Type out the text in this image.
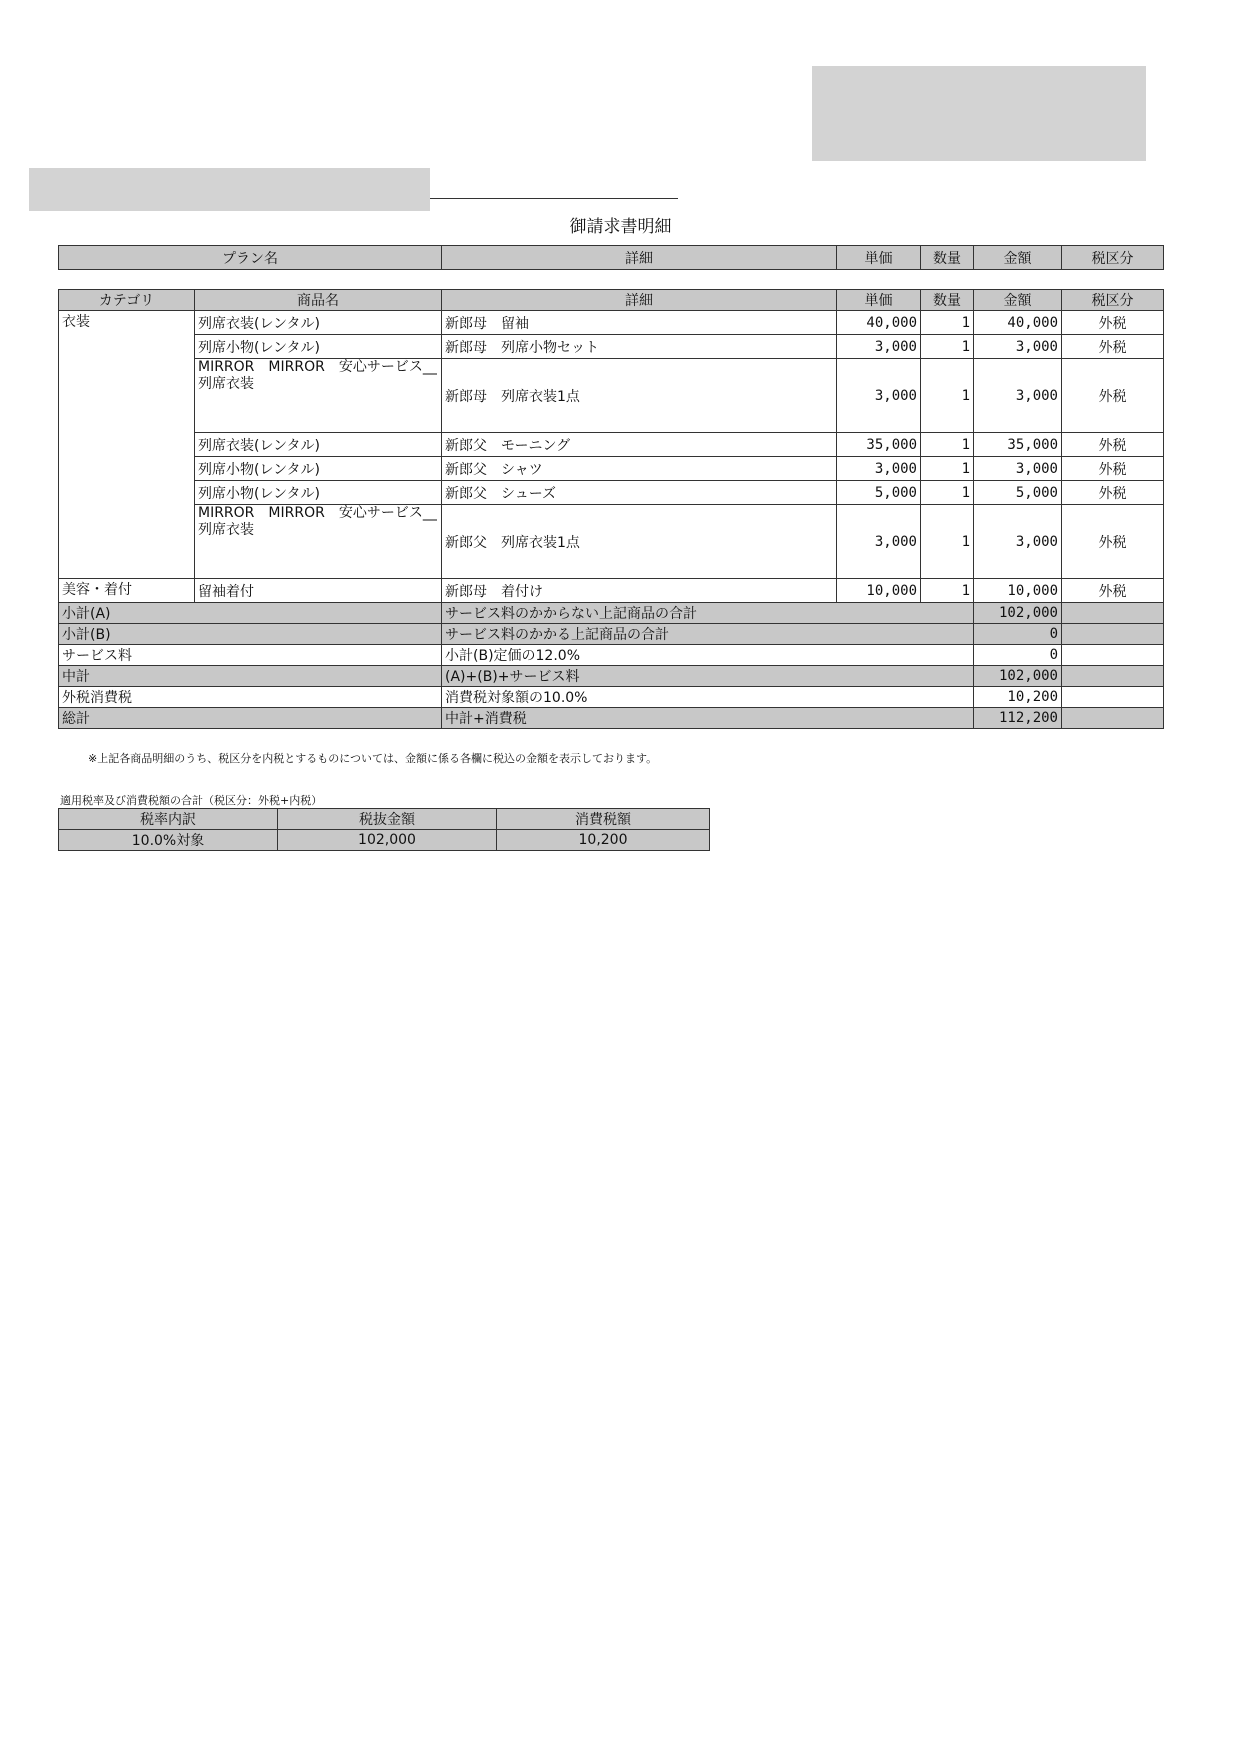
御請求書明細
プラン名	詳細	単価	数量	金額	税区分
カテゴリ	商品名	詳細	単価	数量	金額	税区分
衣装	列席衣装(レンタル)	新郎母　留袖	40,000	1	40,000	外税
	列席小物(レンタル)	新郎母　列席小物セット	3,000	1	3,000	外税
	MIRROR　MIRROR　安心サービス__列席衣装	新郎母　列席衣装1点	3,000	1	3,000	外税
	列席衣装(レンタル)	新郎父　モーニング	35,000	1	35,000	外税
	列席小物(レンタル)	新郎父　シャツ	3,000	1	3,000	外税
	列席小物(レンタル)	新郎父　シューズ	5,000	1	5,000	外税
	MIRROR　MIRROR　安心サービス__列席衣装	新郎父　列席衣装1点	3,000	1	3,000	外税
美容・着付	留袖着付	新郎母　着付け	10,000	1	10,000	外税
小計(A)		サービス料のかからない上記商品の合計			102,000	
小計(B)		サービス料のかかる上記商品の合計			0	
サービス料		小計(B)定価の12.0%			0	
中計		(A)+(B)+サービス料			102,000	
外税消費税		消費税対象額の10.0%			10,200	
総計		中計+消費税			112,200	
※上記各商品明細のうち、税区分を内税とするものについては、金額に係る各欄に税込の金額を表示しております。
適用税率及び消費税額の合計（税区分：外税+内税）
税率内訳	税抜金額	消費税額
10.0%対象	102,000	10,200
